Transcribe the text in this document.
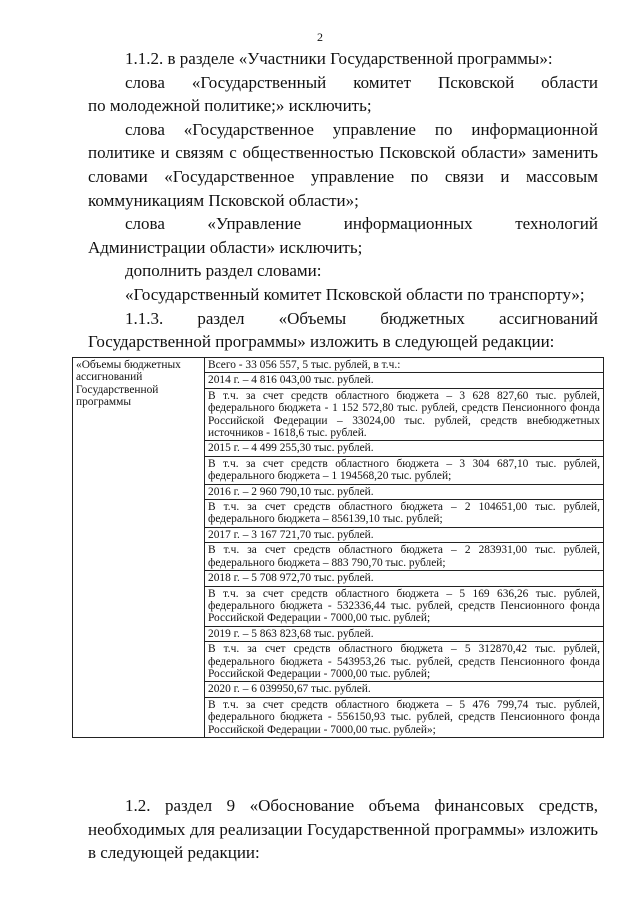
2

1.1.2. в разделе «Участники Государственной программы»:

слова «Государственный комитет Псковской области

по молодежной политике;» исключить;

слова «Государственное управление по информационной политике и связям с общественностью Псковской области» заменить словами «Государственное управление по связи и массовым коммуникациям Псковской области»;

слова «Управление информационных технологий Администрации области» исключить;

дополнить раздел словами:

«Государственный комитет Псковской области по транспорту»;

1.1.3. раздел «Объемы бюджетных ассигнований Государственной программы» изложить в следующей редакции:

«Объемы бюджетных ассигнований Государственной программы	Всего - 33 056 557, 5 тыс. рублей, в т.ч.:
2014 г. – 4 816 043,00 тыс. рублей.
В т.ч. за счет средств областного бюджета – 3 628 827,60 тыс. рублей, федерального бюджета - 1 152 572,80 тыс. рублей, средств Пенсионного фонда Российской Федерации – 33024,00 тыс. рублей, средств внебюджетных источников - 1618,6 тыс. рублей.
2015 г. – 4 499 255,30 тыс. рублей.
В т.ч. за счет средств областного бюджета – 3 304 687,10 тыс. рублей, федерального бюджета – 1 194568,20 тыс. рублей;
2016 г. – 2 960 790,10 тыс. рублей.
В т.ч. за счет средств областного бюджета – 2 104651,00 тыс. рублей, федерального бюджета – 856139,10 тыс. рублей;
2017 г. – 3 167 721,70 тыс. рублей.
В т.ч. за счет средств областного бюджета – 2 283931,00 тыс. рублей, федерального бюджета – 883 790,70 тыс. рублей;
2018 г. – 5 708 972,70 тыс. рублей.
В т.ч. за счет средств областного бюджета – 5 169 636,26 тыс. рублей, федерального бюджета - 532336,44 тыс. рублей, средств Пенсионного фонда Российской Федерации - 7000,00 тыс. рублей;
2019 г. – 5 863 823,68 тыс. рублей.
В т.ч. за счет средств областного бюджета – 5 312870,42 тыс. рублей, федерального бюджета - 543953,26 тыс. рублей, средств Пенсионного фонда Российской Федерации - 7000,00 тыс. рублей;
2020 г. – 6 039950,67 тыс. рублей.
В т.ч. за счет средств областного бюджета – 5 476 799,74 тыс. рублей, федерального бюджета - 556150,93 тыс. рублей, средств Пенсионного фонда Российской Федерации - 7000,00 тыс. рублей»;

1.2. раздел 9 «Обоснование объема финансовых средств, необходимых для реализации Государственной программы» изложить в следующей редакции:
